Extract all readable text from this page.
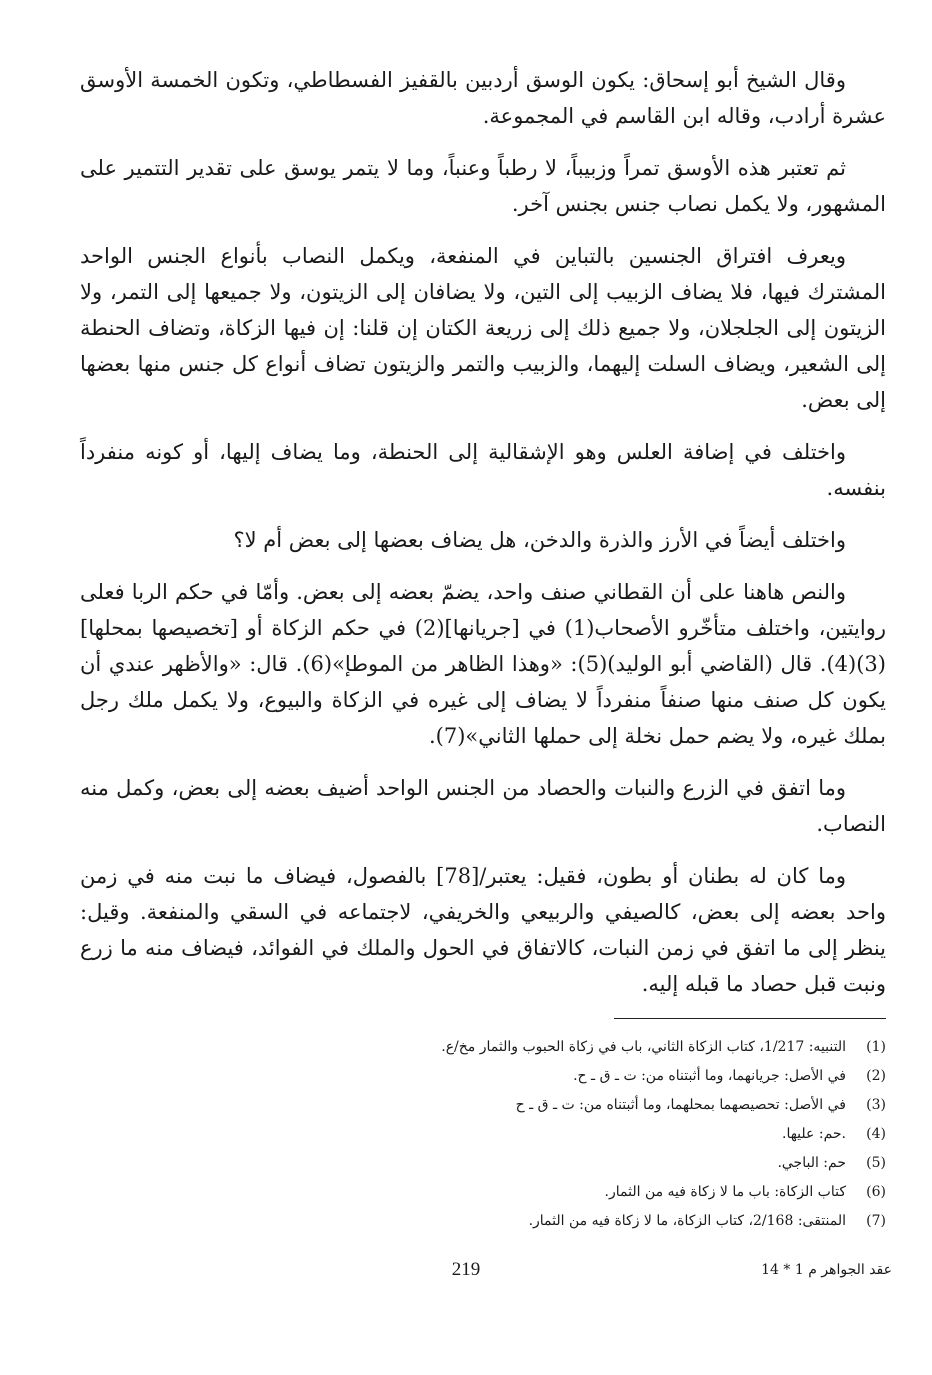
وقال الشيخ أبو إسحاق: يكون الوسق أردبين بالقفيز الفسطاطي، وتكون الخمسة الأوسق عشرة أرادب، وقاله ابن القاسم في المجموعة.

ثم تعتبر هذه الأوسق تمراً وزبيباً، لا رطباً وعنباً، وما لا يتمر يوسق على تقدير التتمير على المشهور، ولا يكمل نصاب جنس بجنس آخر.

ويعرف افتراق الجنسين بالتباين في المنفعة، ويكمل النصاب بأنواع الجنس الواحد المشترك فيها، فلا يضاف الزبيب إلى التين، ولا يضافان إلى الزيتون، ولا جميعها إلى التمر، ولا الزيتون إلى الجلجلان، ولا جميع ذلك إلى زريعة الكتان إن قلنا: إن فيها الزكاة، وتضاف الحنطة إلى الشعير، ويضاف السلت إليهما، والزبيب والتمر والزيتون تضاف أنواع كل جنس منها بعضها إلى بعض.

واختلف في إضافة العلس وهو الإشقالية إلى الحنطة، وما يضاف إليها، أو كونه منفرداً بنفسه.

واختلف أيضاً في الأرز والذرة والدخن، هل يضاف بعضها إلى بعض أم لا؟

والنص هاهنا على أن القطاني صنف واحد، يضمّ بعضه إلى بعض. وأمّا في حكم الربا فعلى روايتين، واختلف متأخّرو الأصحاب(1) في [جريانها](2) في حكم الزكاة أو [تخصيصها بمحلها](3)(4). قال (القاضي أبو الوليد)(5): «وهذا الظاهر من الموطإ»(6). قال: «والأظهر عندي أن يكون كل صنف منها صنفاً منفرداً لا يضاف إلى غيره في الزكاة والبيوع، ولا يكمل ملك رجل بملك غيره، ولا يضم حمل نخلة إلى حملها الثاني»(7).

وما اتفق في الزرع والنبات والحصاد من الجنس الواحد أضيف بعضه إلى بعض، وكمل منه النصاب.

وما كان له بطنان أو بطون، فقيل: يعتبر/[78] بالفصول، فيضاف ما نبت منه في زمن واحد بعضه إلى بعض، كالصيفي والربيعي والخريفي، لاجتماعه في السقي والمنفعة. وقيل: ينظر إلى ما اتفق في زمن النبات، كالاتفاق في الحول والملك في الفوائد، فيضاف منه ما زرع ونبت قبل حصاد ما قبله إليه.

(1)
التنبيه: 1/217، كتاب الزكاة الثاني، باب في زكاة الحبوب والثمار مخ/ع.
(2)
في الأصل: جريانهما، وما أثبتناه من: ت ـ ق ـ ح.
(3)
في الأصل: تحصيصهما بمحلهما، وما أثبتناه من: ت ـ ق ـ ح
(4)
.حم: عليها.
(5)
حم: الباجي.
(6)
كتاب الزكاة: باب ما لا زكاة فيه من الثمار.
(7)
المنتقى: 2/168، كتاب الزكاة، ما لا زكاة فيه من الثمار.
219	عقد الجواهر م 1 * 14
